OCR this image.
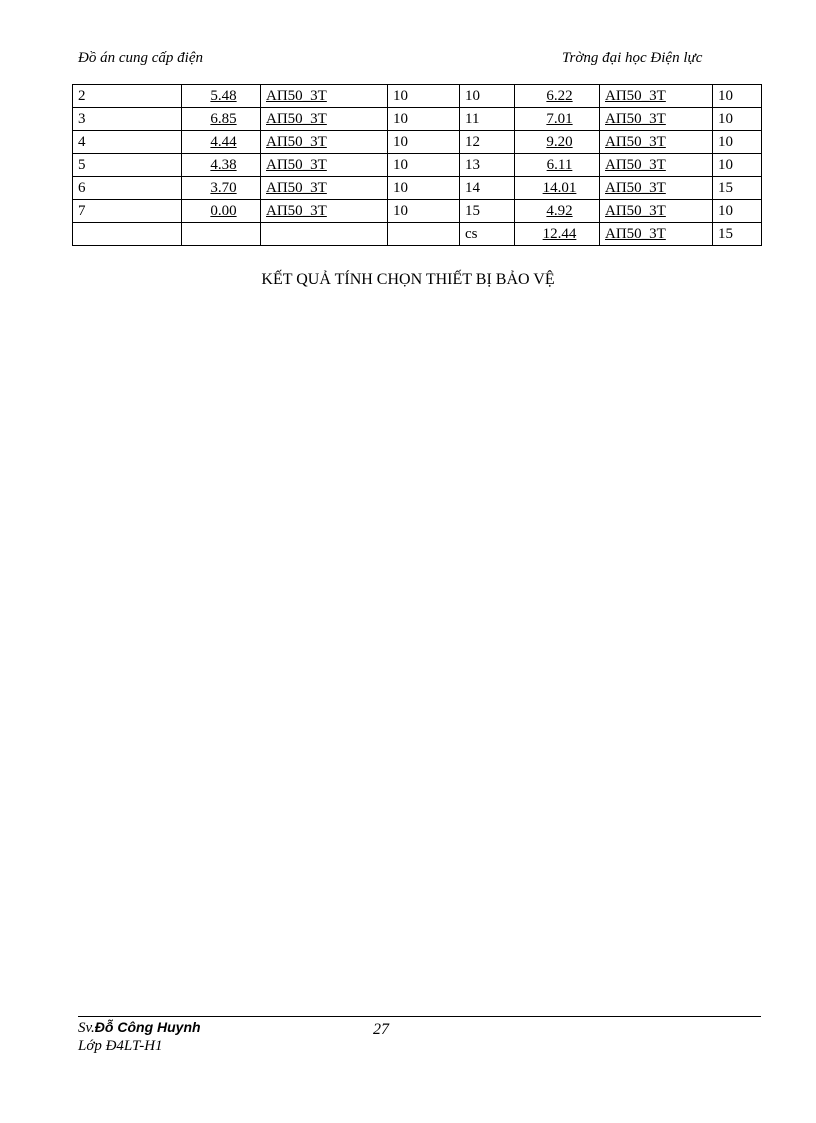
Đồ án cung cấp điện	Trờng đại học Điện lực
2	5.48	AΠ50_3T	10	10	6.22	AΠ50_3T	10
3	6.85	AΠ50_3T	10	11	7.01	AΠ50_3T	10
4	4.44	AΠ50_3T	10	12	9.20	AΠ50_3T	10
5	4.38	AΠ50_3T	10	13	6.11	AΠ50_3T	10
6	3.70	AΠ50_3T	10	14	14.01	AΠ50_3T	15
7	0.00	AΠ50_3T	10	15	4.92	AΠ50_3T	10
				cs	12.44	AΠ50_3T	15
KẾT QUẢ TÍNH CHỌN THIẾT BỊ BẢO VỆ
Sv.Đỗ Công Huynh
Lớp Đ4LT-H1
27
